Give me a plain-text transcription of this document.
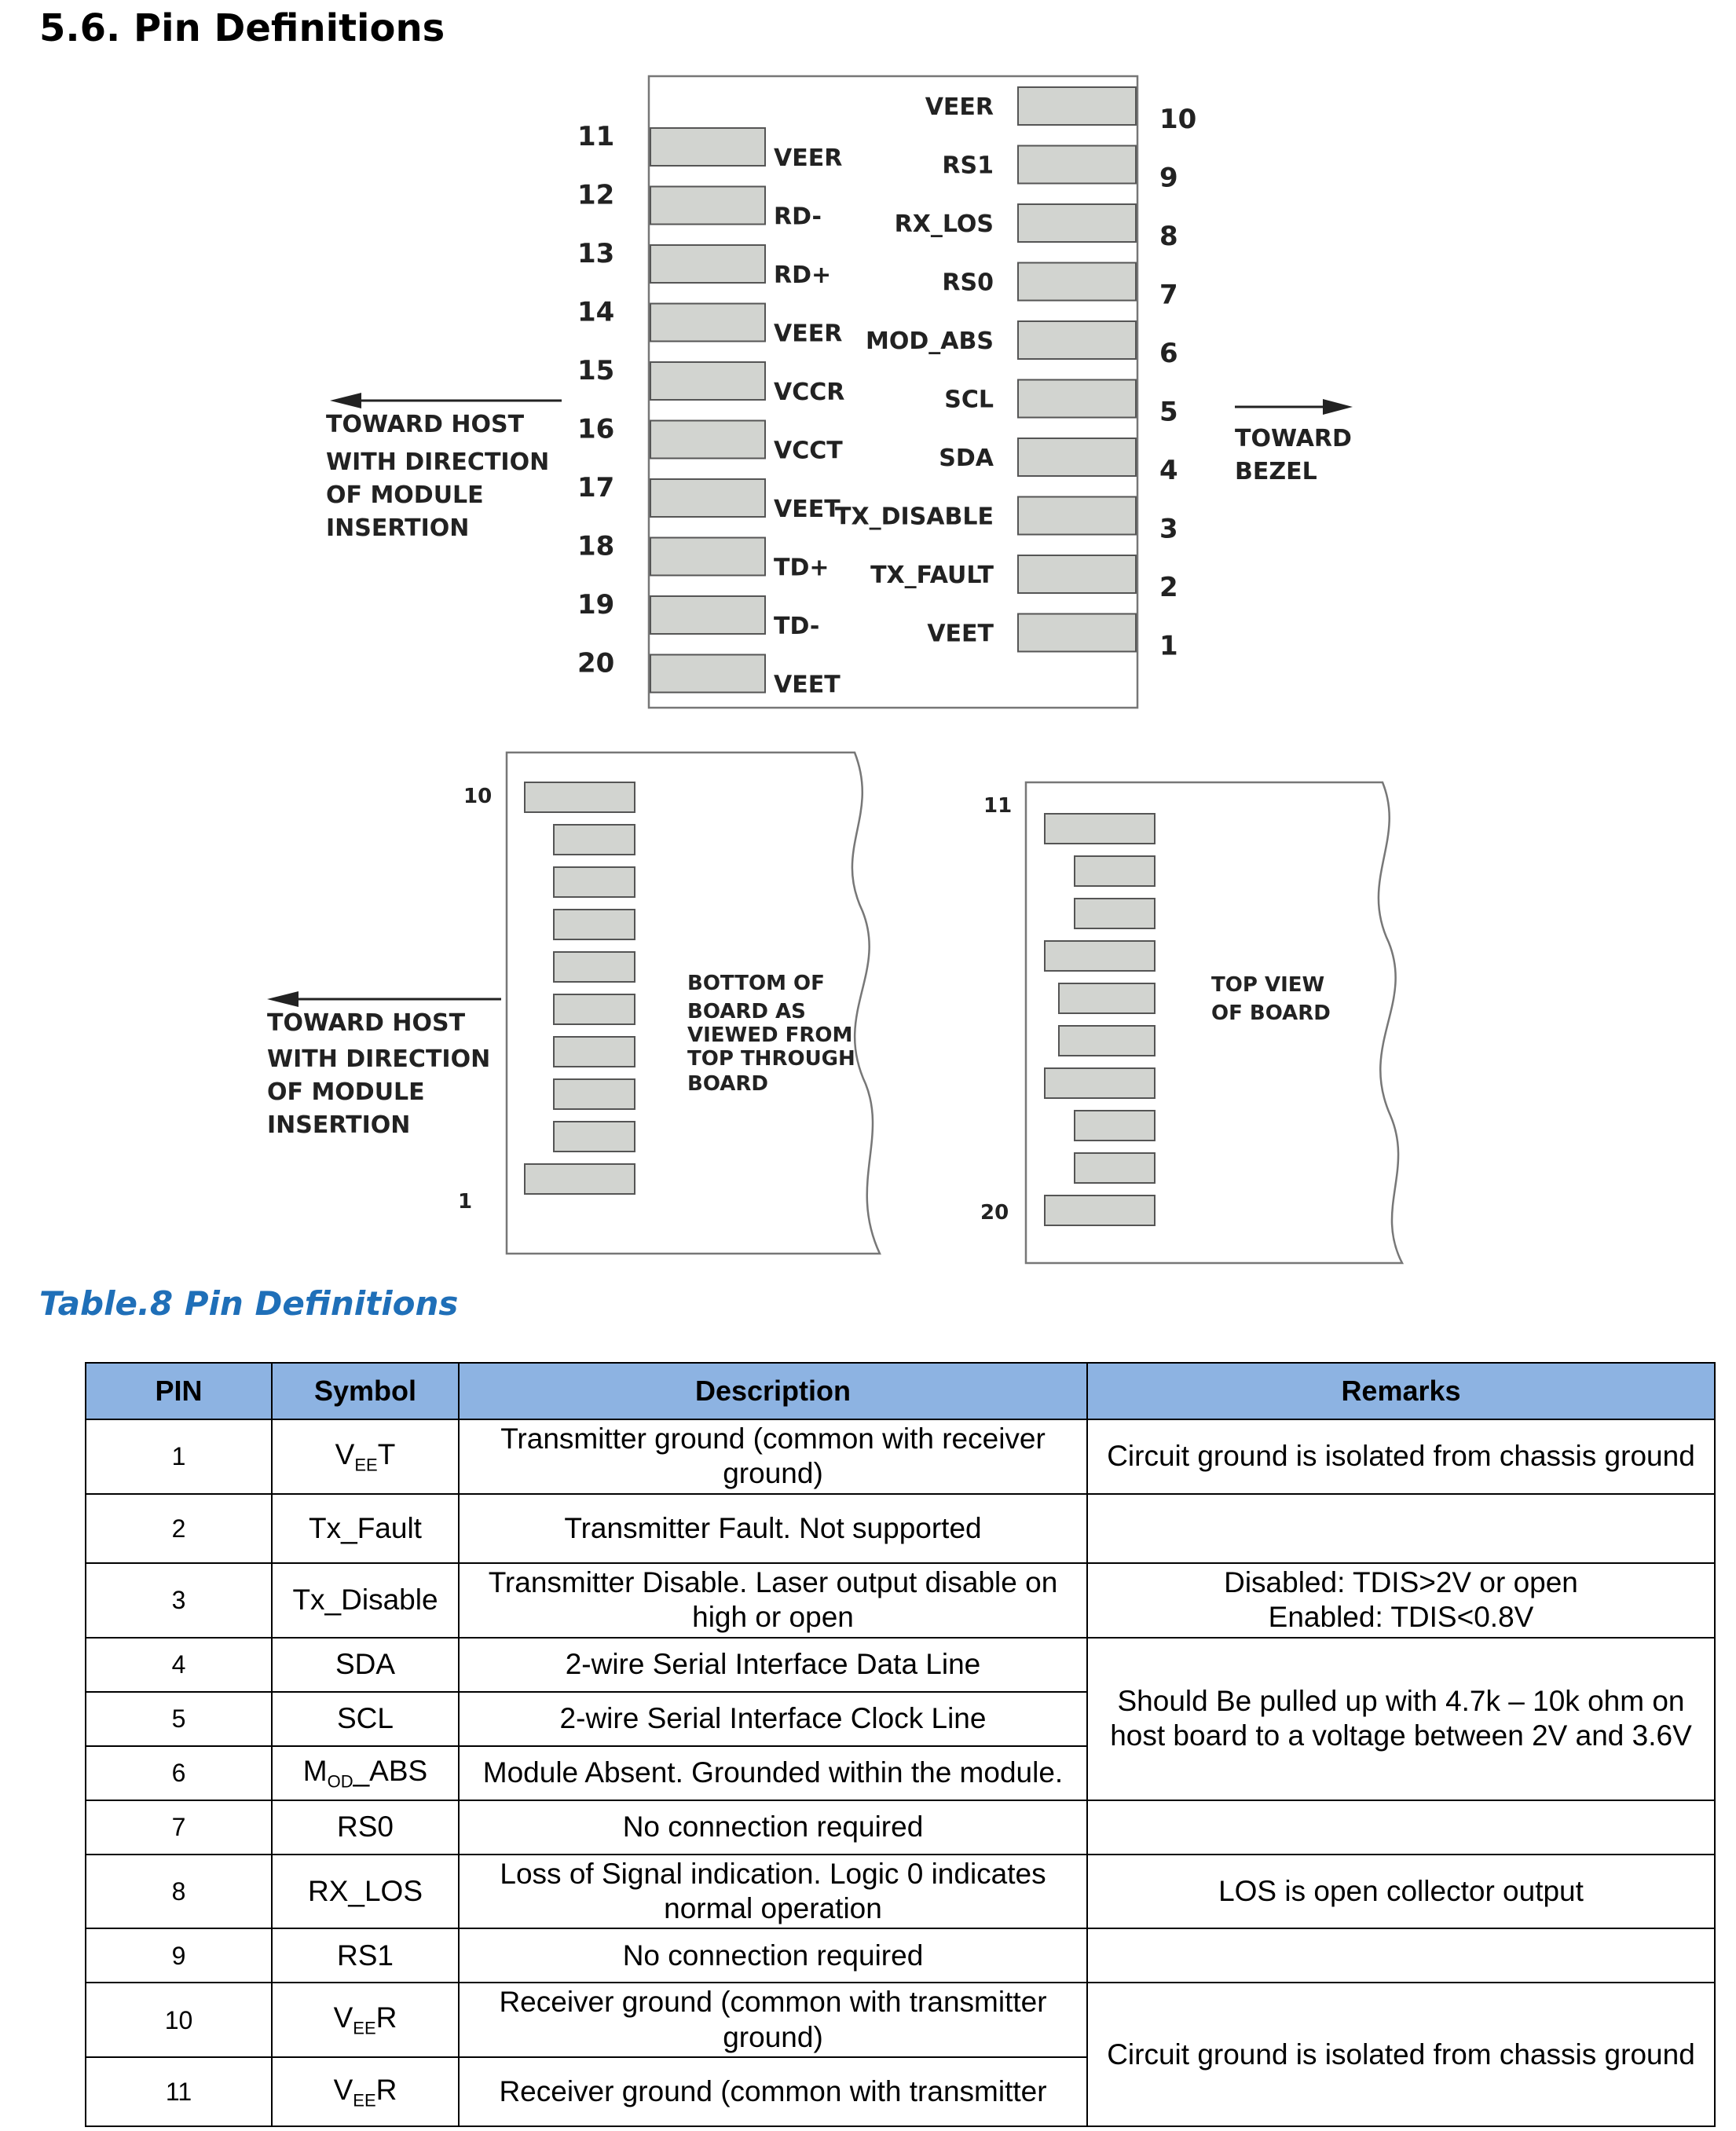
5.6. Pin Definitions
11
VEER
12
RD-
13
RD+
14
VEER
15
VCCR
16
VCCT
17
VEET
18
TD+
19
TD-
20
VEET
10
VEER
9
RS1
8
RX_LOS
7
RS0
6
MOD_ABS
5
SCL
4
SDA
3
TX_DISABLE
2
TX_FAULT
1
VEET
TOWARD HOST
WITH DIRECTION
OF MODULE
INSERTION
TOWARD
BEZEL
10
1
BOTTOM OF
BOARD AS
VIEWED FROM
TOP THROUGH
BOARD
TOWARD HOST
WITH DIRECTION
OF MODULE
INSERTION
11
20
TOP VIEW
OF BOARD
Table.8 Pin Definitions
PIN	Symbol	Description	Remarks
1	$V_{EE}T$	Transmitter ground (common with receiver ground)	Circuit ground is isolated from chassis ground
2	Tx_Fault	Transmitter Fault. Not supported	
3	Tx_Disable	Transmitter Disable. Laser output disable on high or open	Disabled: TDIS>2V or open
Enabled: TDIS<0.8V

4	SDA	2-wire Serial Interface Data Line	Should Be pulled up with 4.7k – 10k ohm on host board to a voltage between 2V and 3.6V
5	SCL	2-wire Serial Interface Clock Line	
6	$M_{OD}\_ABS$	Module Absent. Grounded within the module.	
7	RS0	No connection required	
8	RX_LOS	Loss of Signal indication. Logic 0 indicates normal operation	LOS is open collector output
9	RS1	No connection required	
10	$V_{EE}R$	Receiver ground (common with transmitter ground)	Circuit ground is isolated from chassis ground
11	$V_{EE}R$	Receiver ground (common with transmitter	
